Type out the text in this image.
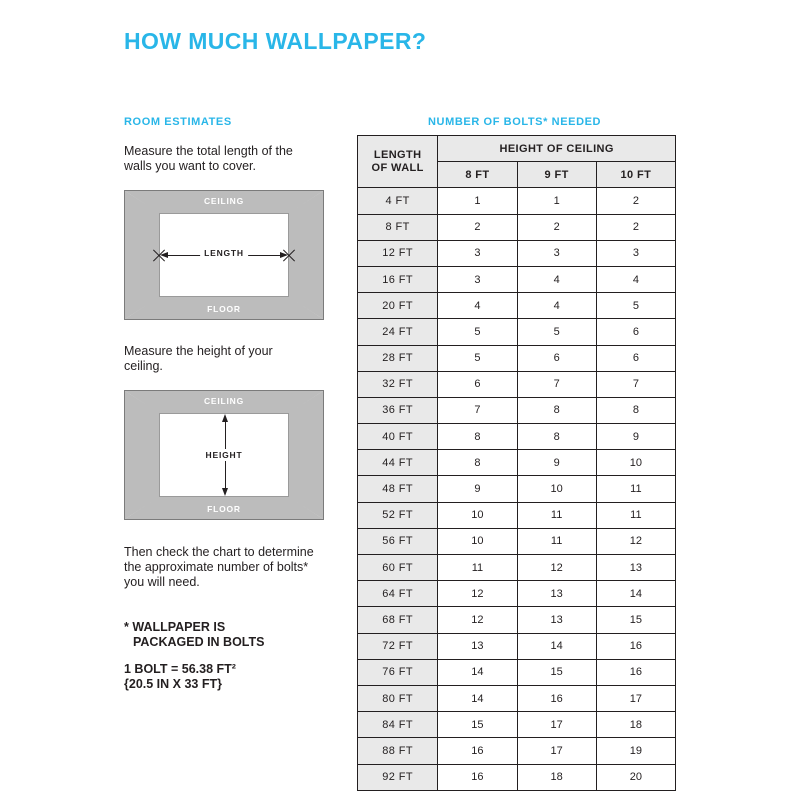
HOW MUCH WALLPAPER?
ROOM ESTIMATES
Measure the total length of the walls you want to cover.
CEILING
FLOOR
LENGTH
Measure the height of your ceiling.
CEILING
FLOOR
HEIGHT
Then check the chart to determine the approximate number of bolts* you will need.
* WALLPAPER IS
PACKAGED IN BOLTS
1 BOLT = 56.38 FT²
{20.5 IN X 33 FT}
NUMBER OF BOLTS* NEEDED
LENGTH
OF WALL	HEIGHT OF CEILING		
	8 FT	9 FT	10 FT
4 FT	1	1	2
8 FT	2	2	2
12 FT	3	3	3
16 FT	3	4	4
20 FT	4	4	5
24 FT	5	5	6
28 FT	5	6	6
32 FT	6	7	7
36 FT	7	8	8
40 FT	8	8	9
44 FT	8	9	10
48 FT	9	10	11
52 FT	10	11	11
56 FT	10	11	12
60 FT	11	12	13
64 FT	12	13	14
68 FT	12	13	15
72 FT	13	14	16
76 FT	14	15	16
80 FT	14	16	17
84 FT	15	17	18
88 FT	16	17	19
92 FT	16	18	20
